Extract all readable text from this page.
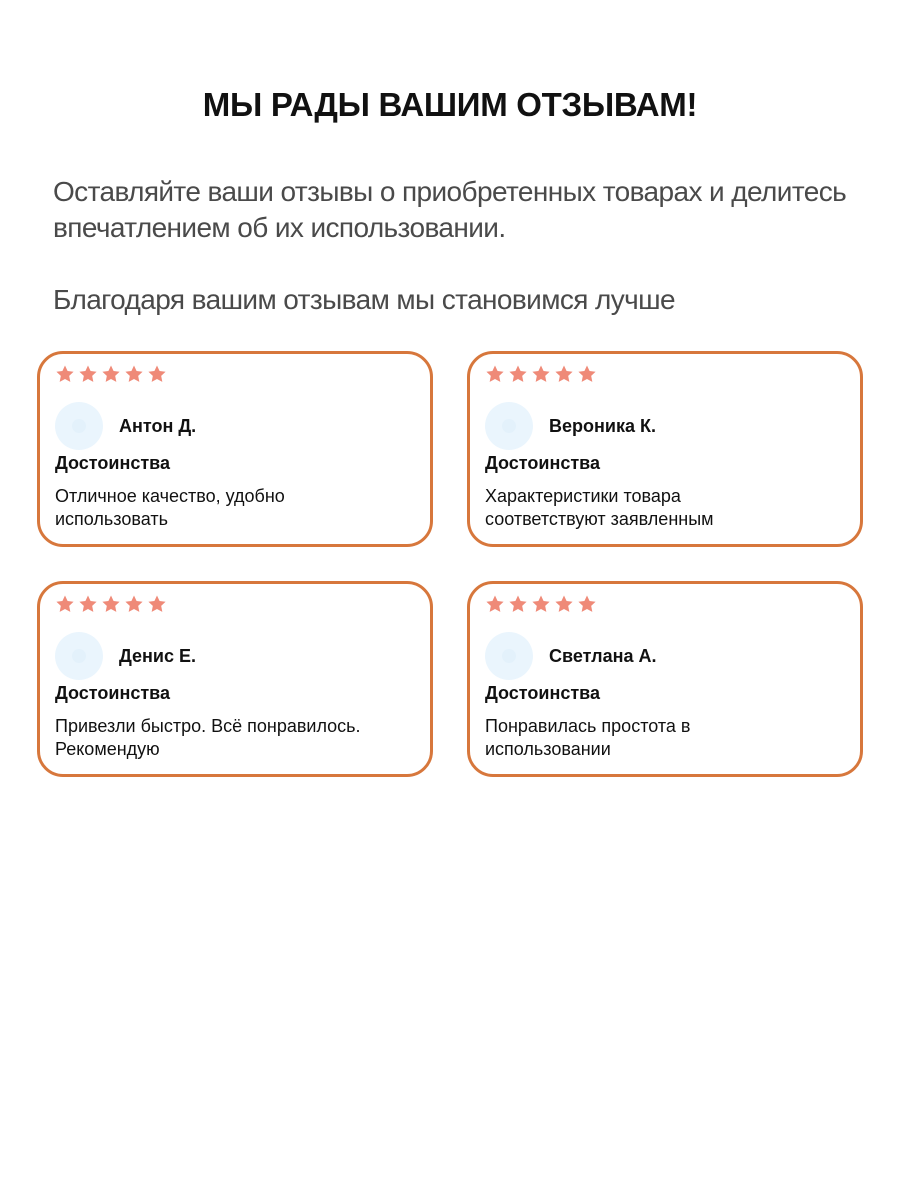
МЫ РАДЫ ВАШИМ ОТЗЫВАМ!
Оставляйте ваши отзывы о приобретенных товарах и делитесь
впечатлением об их использовании.
Благодаря вашим отзывам мы становимся лучше
Антон Д.
Достоинства
Отличное качество, удобно
использовать
Вероника К.
Достоинства
Характеристики товара
соответствуют заявленным
Денис Е.
Достоинства
Привезли быстро. Всё понравилось.
Рекомендую
Светлана А.
Достоинства
Понравилась простота в
использовании
